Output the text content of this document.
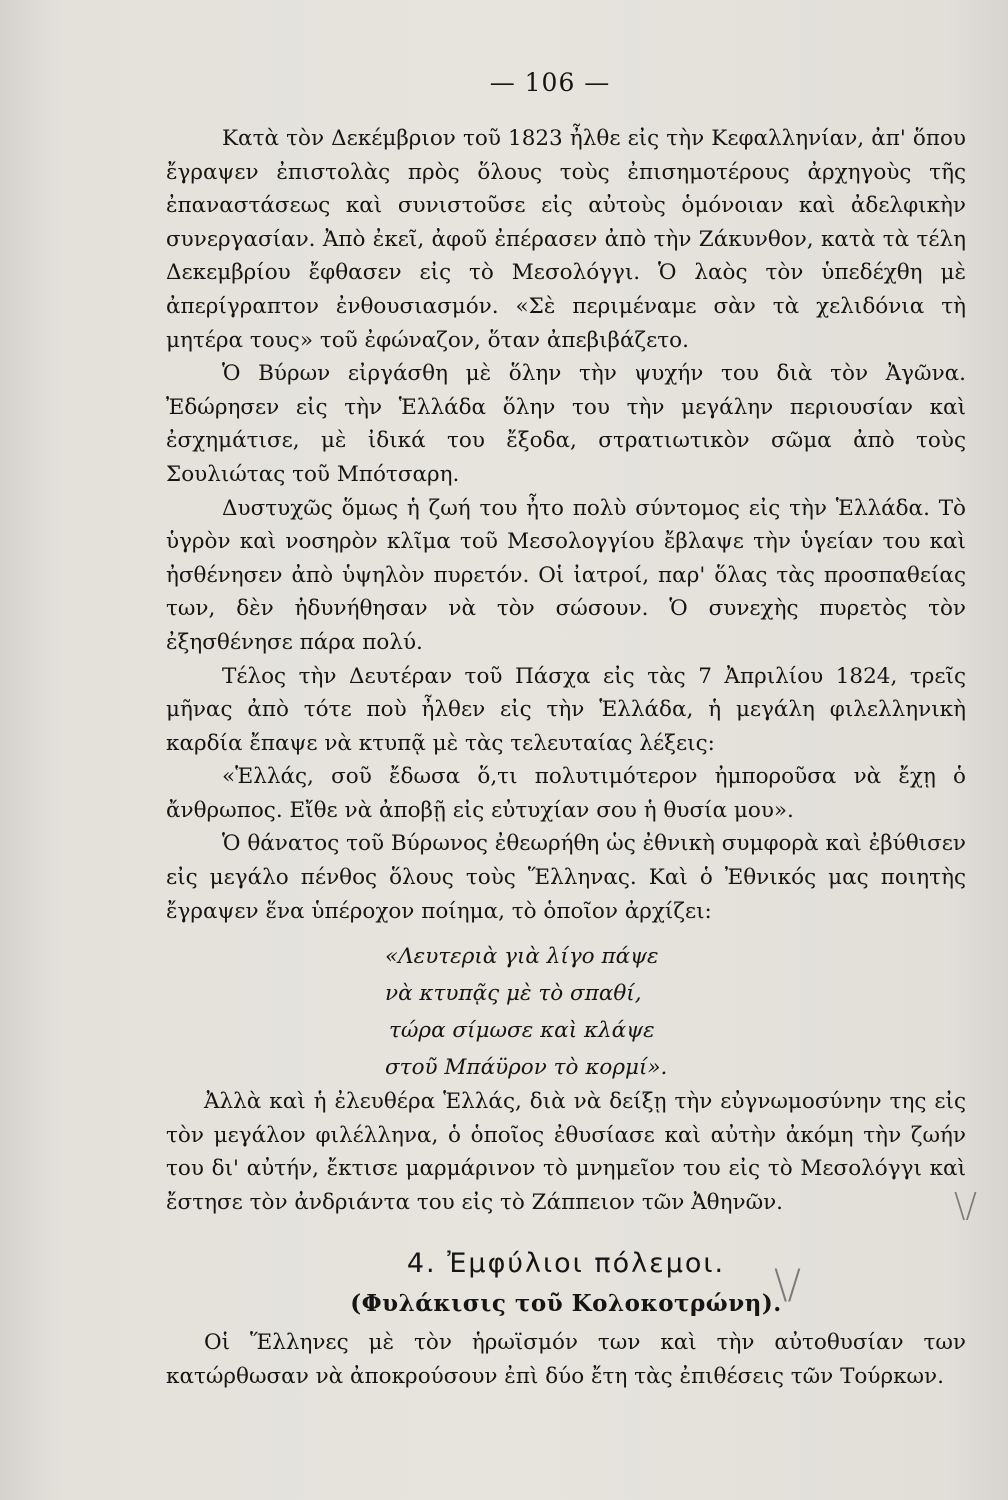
— 106 —

Κατὰ τὸν Δεκέμβριον τοῦ 1823 ἦλθε εἰς τὴν Κεφαλληνίαν, ἀπ' ὅπου ἔγραψεν ἐπιστολὰς πρὸς ὅλους τοὺς ἐπισημοτέρους ἀρχηγοὺς τῆς ἐπαναστάσεως καὶ συνιστοῦσε εἰς αὐτοὺς ὁμόνοιαν καὶ ἀδελφικὴν συνεργασίαν. Ἀπὸ ἐκεῖ, ἀφοῦ ἐπέρασεν ἀπὸ τὴν Ζάκυνθον, κατὰ τὰ τέλη Δεκεμβρίου ἔφθασεν εἰς τὸ Μεσολόγγι. Ὁ λαὸς τὸν ὑπεδέχθη μὲ ἀπερίγραπτον ἐνθουσιασμόν. «Σὲ περιμέναμε σὰν τὰ χελιδόνια τὴ μητέρα τους» τοῦ ἐφώναζον, ὅταν ἀπεβιβάζετο.

Ὁ Βύρων εἰργάσθη μὲ ὅλην τὴν ψυχήν του διὰ τὸν Ἀγῶνα. Ἐδώρησεν εἰς τὴν Ἑλλάδα ὅλην του τὴν μεγάλην περιουσίαν καὶ ἐσχημάτισε, μὲ ἰδικά του ἔξοδα, στρατιωτικὸν σῶμα ἀπὸ τοὺς Σουλιώτας τοῦ Μπότσαρη.

Δυστυχῶς ὅμως ἡ ζωή του ἦτο πολὺ σύντομος εἰς τὴν Ἑλλάδα. Τὸ ὑγρὸν καὶ νοσηρὸν κλῖμα τοῦ Μεσολογγίου ἔβλαψε τὴν ὑγείαν του καὶ ἠσθένησεν ἀπὸ ὑψηλὸν πυρετόν. Οἱ ἰατροί, παρ' ὅλας τὰς προσπαθείας των, δὲν ἠδυνήθησαν νὰ τὸν σώσουν. Ὁ συνεχὴς πυρετὸς τὸν ἐξησθένησε πάρα πολύ.

Τέλος τὴν Δευτέραν τοῦ Πάσχα εἰς τὰς 7 Ἀπριλίου 1824, τρεῖς μῆνας ἀπὸ τότε ποὺ ἦλθεν εἰς τὴν Ἑλλάδα, ἡ μεγάλη φιλελληνικὴ καρδία ἔπαψε νὰ κτυπᾷ μὲ τὰς τελευταίας λέξεις:

«Ἑλλάς, σοῦ ἔδωσα ὅ,τι πολυτιμότερον ἠμποροῦσα νὰ ἔχῃ ὁ ἄνθρωπος. Εἴθε νὰ ἀποβῇ εἰς εὐτυχίαν σου ἡ θυσία μου».

Ὁ θάνατος τοῦ Βύρωνος ἐθεωρήθη ὡς ἐθνικὴ συμφορὰ καὶ ἐβύθισεν εἰς μεγάλο πένθος ὅλους τοὺς Ἕλληνας. Καὶ ὁ Ἐθνικός μας ποιητὴς ἔγραψεν ἕνα ὑπέροχον ποίημα, τὸ ὁποῖον ἀρχίζει:

«Λευτεριὰ γιὰ λίγο πάψε
νὰ κτυπᾷς μὲ τὸ σπαθί,
τώρα σίμωσε καὶ κλάψε
στοῦ Μπάϋρον τὸ κορμί».

Ἀλλὰ καὶ ἡ ἐλευθέρα Ἑλλάς, διὰ νὰ δείξῃ τὴν εὐγνωμοσύνην της εἰς τὸν μεγάλον φιλέλληνα, ὁ ὁποῖος ἐθυσίασε καὶ αὐτὴν ἀκόμη τὴν ζωήν του δι' αὐτήν, ἔκτισε μαρμάρινον τὸ μνημεῖον του εἰς τὸ Μεσολόγγι καὶ ἔστησε τὸν ἀνδριάντα του εἰς τὸ Ζάππειον τῶν Ἀθηνῶν.	\/
4. Ἐμφύλιοι πόλεμοι.
(Φυλάκισις τοῦ Κολοκοτρώνη).
\/

Οἱ Ἕλληνες μὲ τὸν ἡρωϊσμόν των καὶ τὴν αὐτοθυσίαν των κατώρθωσαν νὰ ἀποκρούσουν ἐπὶ δύο ἔτη τὰς ἐπιθέσεις τῶν Τούρκων.
